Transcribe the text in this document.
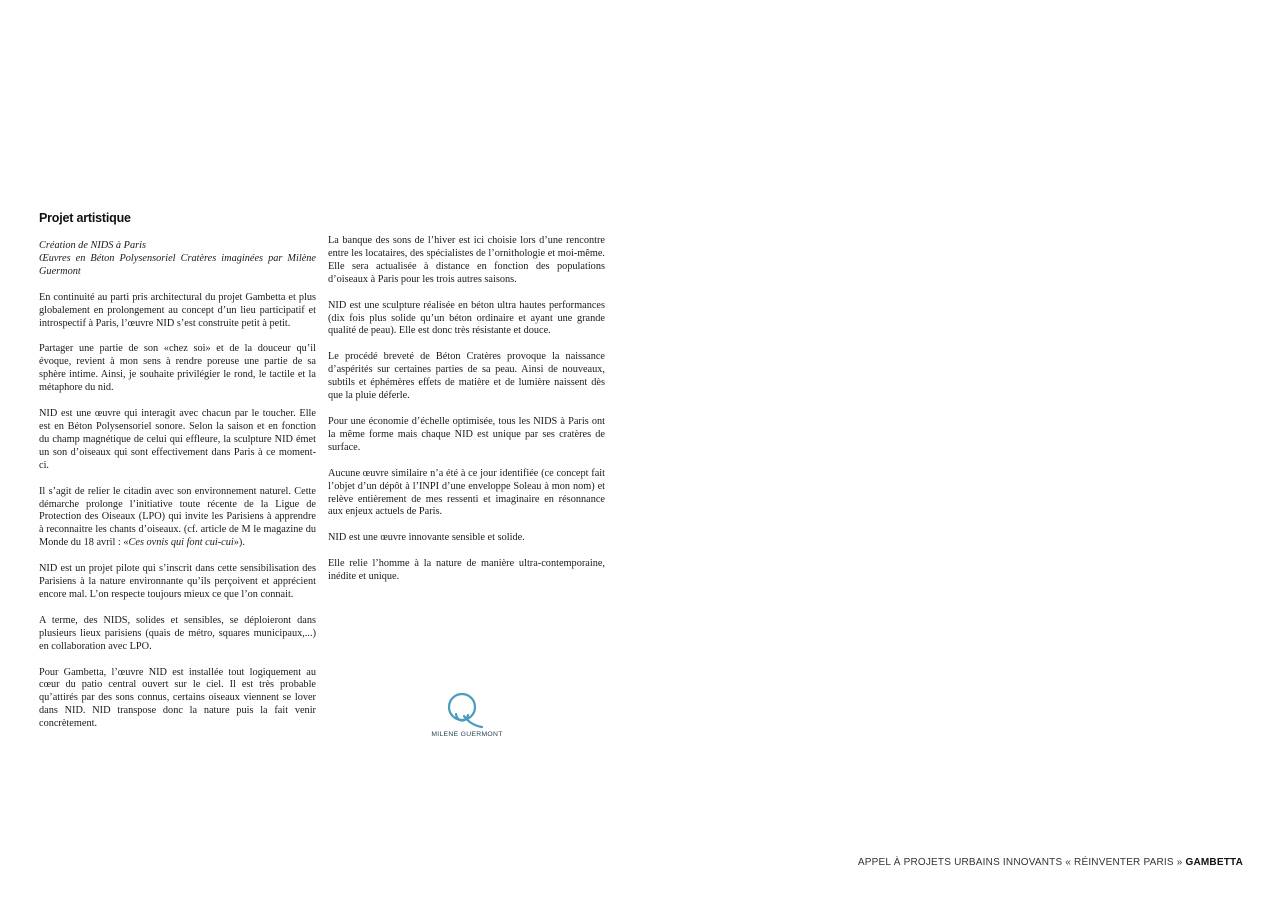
Projet artistique

Création de NIDS à Paris
Œuvres en Béton Polysensoriel Cratères imaginées par Milène Guermont

En continuité au parti pris architectural du projet Gambetta et plus globalement en prolongement au concept d’un lieu participatif et introspectif à Paris, l’œuvre NID s’est construite petit à petit.

Partager une partie de son «chez soi» et de la douceur qu’il évoque, revient à mon sens à rendre poreuse une partie de sa sphère intime. Ainsi, je souhaite privilégier le rond, le tactile et la métaphore du nid.

NID est une œuvre qui interagit avec chacun par le toucher. Elle est en Béton Polysensoriel sonore. Selon la saison et en fonction du champ magnétique de celui qui effleure, la sculpture NID émet un son d’oiseaux qui sont effectivement dans Paris à ce moment-ci.

Il s’agit de relier le citadin avec son environnement naturel. Cette démarche prolonge l’initiative toute récente de la Ligue de Protection des Oiseaux (LPO) qui invite les Parisiens à apprendre à reconnaitre les chants d’oiseaux. (cf. article de M le magazine du Monde du 18 avril : «Ces ovnis qui font cui-cui»).

NID est un projet pilote qui s’inscrit dans cette sensibilisation des Parisiens à la nature environnante qu’ils perçoivent et apprécient encore mal. L’on respecte toujours mieux ce que l’on connait.

A terme, des NIDS, solides et sensibles, se déploieront dans plusieurs lieux parisiens (quais de métro, squares municipaux,...) en collaboration avec LPO.

Pour Gambetta, l’œuvre NID est installée tout logiquement au cœur du patio central ouvert sur le ciel. Il est très probable qu’attirés par des sons connus, certains oiseaux viennent se lover dans NID. NID transpose donc la nature puis la fait venir concrètement.

La banque des sons de l’hiver est ici choisie lors d’une rencontre entre les locataires, des spécialistes de l’ornithologie et moi-même. Elle sera actualisée à distance en fonction des populations d’oiseaux à Paris pour les trois autres saisons.

NID est une sculpture réalisée en béton ultra hautes performances (dix fois plus solide qu’un béton ordinaire et ayant une grande qualité de peau). Elle est donc très résistante et douce.

Le procédé breveté de Béton Cratères provoque la naissance d’aspérités sur certaines parties de sa peau. Ainsi de nouveaux, subtils et éphémères effets de matière et de lumière naissent dès que la pluie déferle.

Pour une économie d’échelle optimisée, tous les NIDS à Paris ont la même forme mais chaque NID est unique par ses cratères de surface.

Aucune œuvre similaire n’a été à ce jour identifiée (ce concept fait l’objet d’un dépôt à l’INPI d’une enveloppe Soleau à mon nom) et relève entièrement de mes ressenti et imaginaire en résonnance aux enjeux actuels de Paris.

NID est une œuvre innovante sensible et solide.

Elle relie l’homme à la nature de manière ultra-contemporaine, inédite et unique.

MILENE GUERMONT
APPEL À PROJETS URBAINS INNOVANTS « RÉINVENTER PARIS » GAMBETTA
